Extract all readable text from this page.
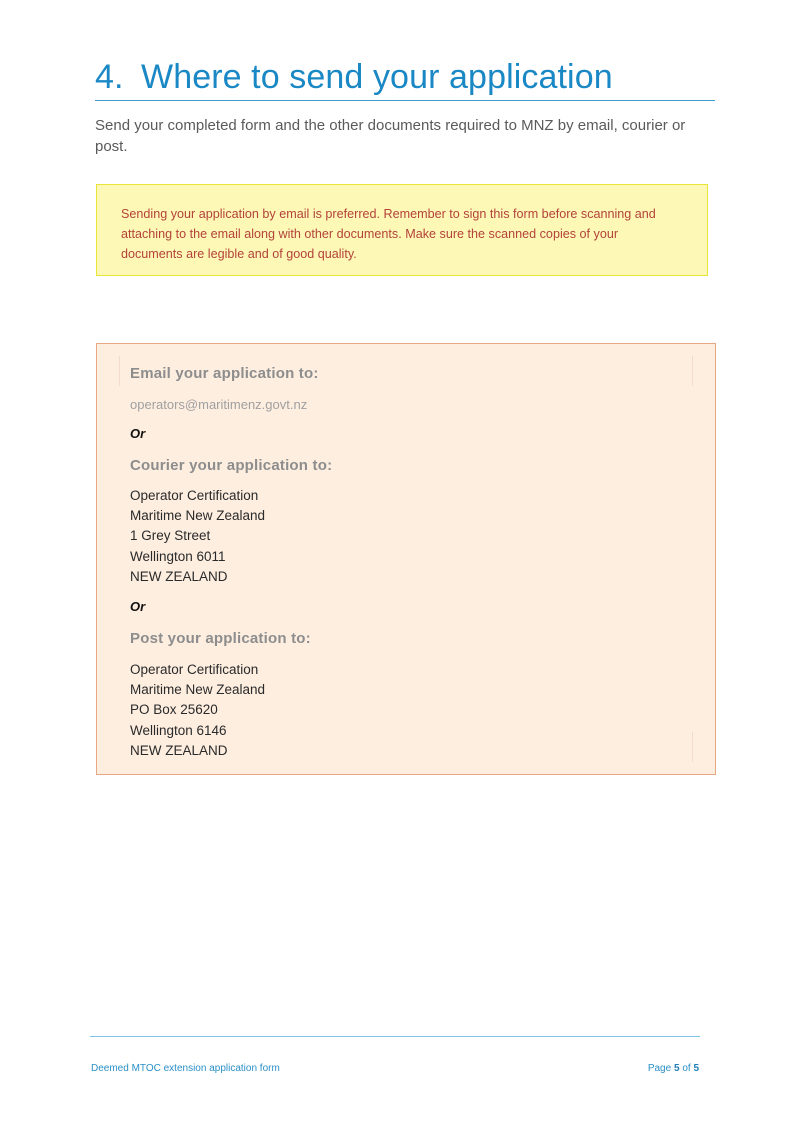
4. Where to send your application

Send your completed form and the other documents required to MNZ by email, courier or post.

Sending your application by email is preferred. Remember to sign this form before scanning and attaching to the email along with other documents. Make sure the scanned copies of your documents are legible and of good quality.

Email your application to:

operators@maritimenz.govt.nz

Or

Courier your application to:

Operator Certification
Maritime New Zealand
1 Grey Street
Wellington 6011
NEW ZEALAND

Or

Post your application to:

Operator Certification
Maritime New Zealand
PO Box 25620
Wellington 6146
NEW ZEALAND
Deemed MTOC extension application form	Page 5 of 5
